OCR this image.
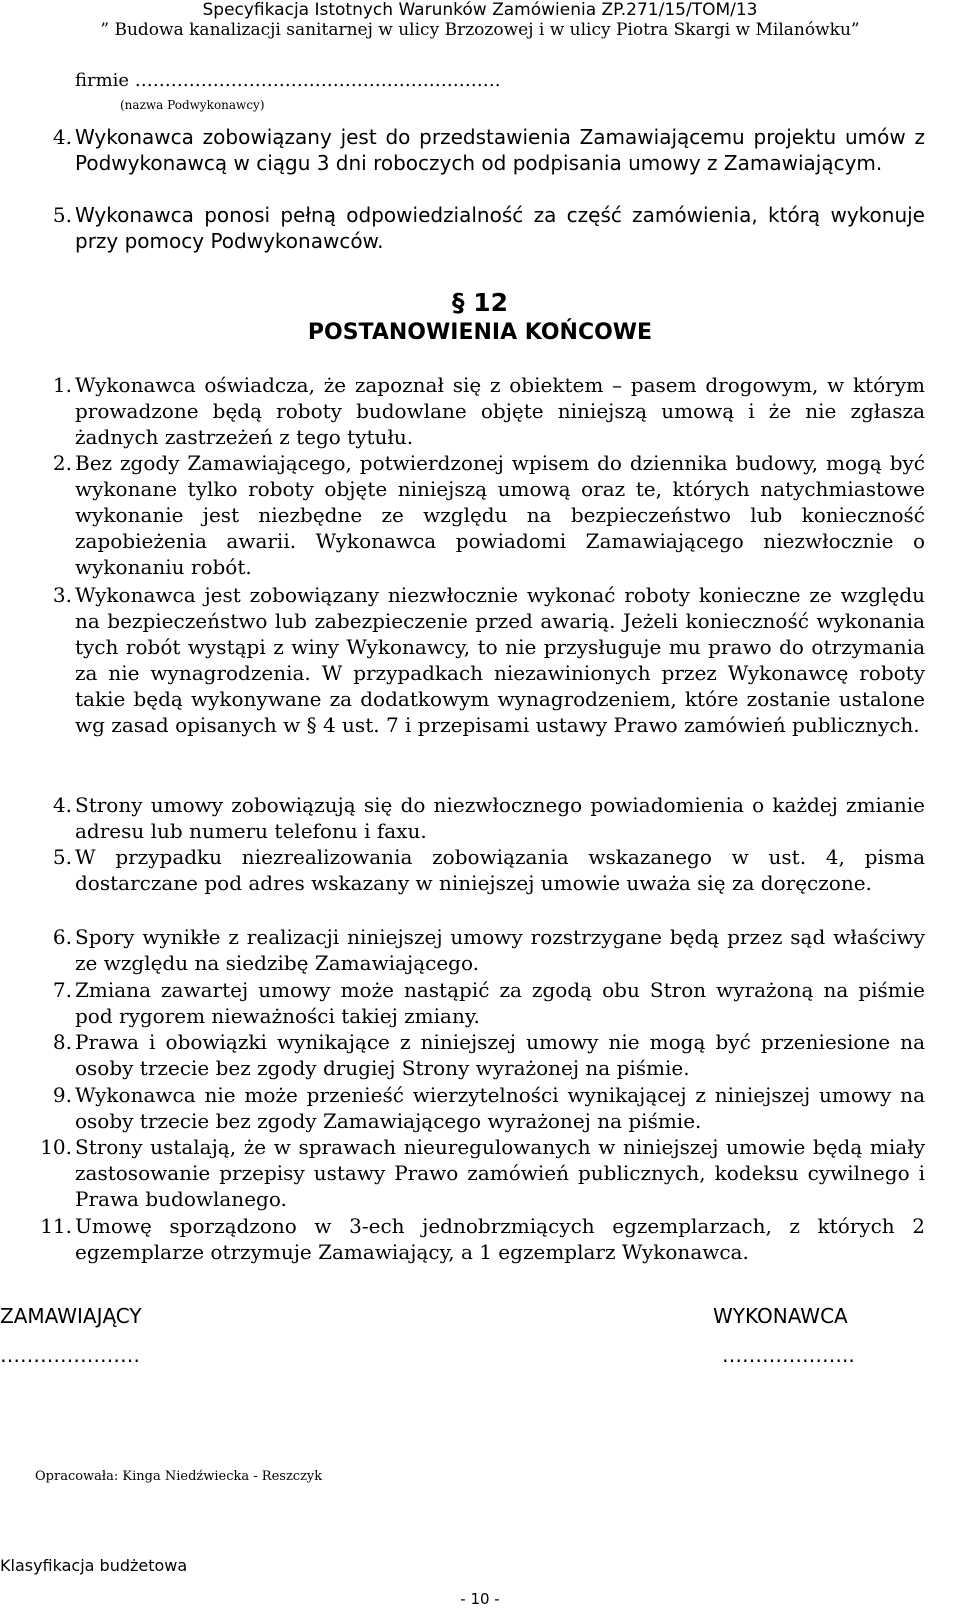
Specyfikacja Istotnych Warunków Zamówienia ZP.271/15/TOM/13
” Budowa kanalizacji sanitarnej w ulicy Brzozowej i w ulicy Piotra Skargi w Milanówku”
firmie …………………………………………………….
(nazwa Podwykonawcy)
4. Wykonawca zobowiązany jest do przedstawienia Zamawiającemu projektu umów z Podwykonawcą w ciągu 3 dni roboczych od podpisania umowy z Zamawiającym.
5. Wykonawca ponosi pełną odpowiedzialność za część zamówienia, którą wykonuje przy pomocy Podwykonawców.
§ 12
POSTANOWIENIA KOŃCOWE
1. Wykonawca oświadcza, że zapoznał się z obiektem – pasem drogowym, w którym prowadzone będą roboty budowlane objęte niniejszą umową i że nie zgłasza żadnych zastrzeżeń z tego tytułu.
2. Bez zgody Zamawiającego, potwierdzonej wpisem do dziennika budowy, mogą być wykonane tylko roboty objęte niniejszą umową oraz te, których natychmiastowe wykonanie jest niezbędne ze względu na bezpieczeństwo lub konieczność zapobieżenia awarii. Wykonawca powiadomi Zamawiającego niezwłocznie o wykonaniu robót.
3. Wykonawca jest zobowiązany niezwłocznie wykonać roboty konieczne ze względu na bezpieczeństwo lub zabezpieczenie przed awarią. Jeżeli konieczność wykonania tych robót wystąpi z winy Wykonawcy, to nie przysługuje mu prawo do otrzymania za nie wynagrodzenia. W przypadkach niezawinionych przez Wykonawcę roboty takie będą wykonywane za dodatkowym wynagrodzeniem, które zostanie ustalone wg zasad opisanych w § 4 ust. 7 i przepisami ustawy Prawo zamówień publicznych.
4. Strony umowy zobowiązują się do niezwłocznego powiadomienia o każdej zmianie adresu lub numeru telefonu i faxu.
5. W przypadku niezrealizowania zobowiązania wskazanego w ust. 4, pisma dostarczane pod adres wskazany w niniejszej umowie uważa się za doręczone.
6. Spory wynikłe z realizacji niniejszej umowy rozstrzygane będą przez sąd właściwy ze względu na siedzibę Zamawiającego.
7. Zmiana zawartej umowy może nastąpić za zgodą obu Stron wyrażoną na piśmie pod rygorem nieważności takiej zmiany.
8. Prawa i obowiązki wynikające z niniejszej umowy nie mogą być przeniesione na osoby trzecie bez zgody drugiej Strony wyrażonej na piśmie.
9. Wykonawca nie może przenieść wierzytelności wynikającej z niniejszej umowy na osoby trzecie bez zgody Zamawiającego wyrażonej na piśmie.
10. Strony ustalają, że w sprawach nieuregulowanych w niniejszej umowie będą miały zastosowanie przepisy ustawy Prawo zamówień publicznych, kodeksu cywilnego i Prawa budowlanego.
11. Umowę sporządzono w 3-ech jednobrzmiących egzemplarzach, z których 2 egzemplarze otrzymuje Zamawiający, a 1 egzemplarz Wykonawca.
ZAMAWIAJĄCY
…………………
WYKONAWCA
………………..
Opracowała: Kinga Niedźwiecka - Reszczyk
Klasyfikacja budżetowa
- 10 -
